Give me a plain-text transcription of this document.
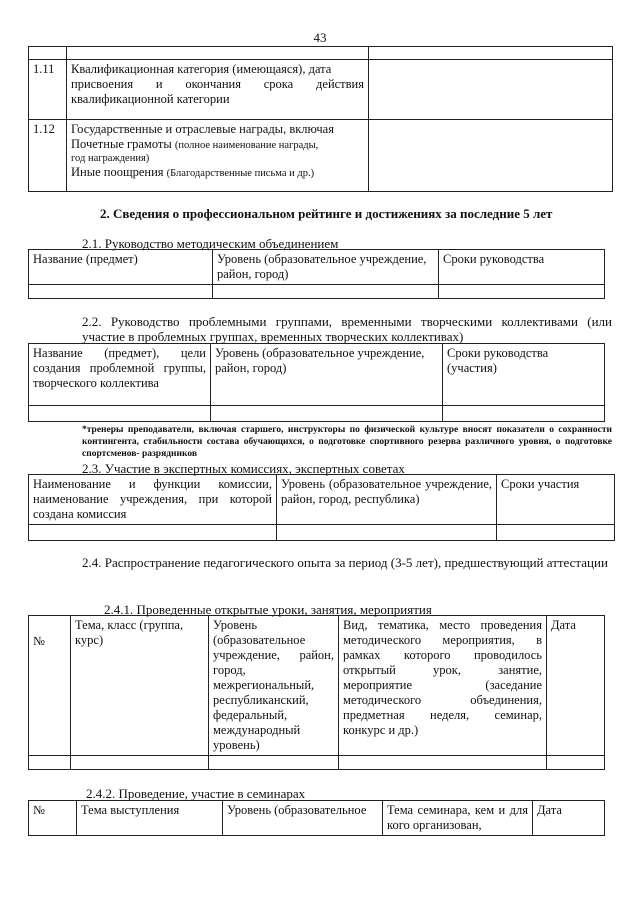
43

1.11	Квалификационная категория (имеющаяся), дата
присвоения и окончания срока действия
квалификационной категории	

1.12	Государственные и отраслевые награды, включая
Почетные грамоты (полное наименование награды,
год награждения)
Иные поощрения (Благодарственные письма и др.)	

2. Сведения о профессиональном рейтинге и достижениях за последние 5 лет
2.1. Руководство методическим объединением
Название (предмет)	Уровень (образовательное учреждение, район, город)	Сроки руководства

2.2. Руководство проблемными группами, временными творческими коллективами (или участие в проблемных группах, временных творческих коллективах)
Название (предмет), цели создания проблемной группы, творческого коллектива	Уровень (образовательное учреждение, район, город)	Сроки руководства (участия)

*тренеры преподаватели, включая старшего, инструкторы по физической культуре вносят показатели о сохранности контингента, стабильности состава обучающихся, о подготовке спортивного резерва различного уровня, о подготовке спортсменов- разрядников
2.3. Участие в экспертных комиссиях, экспертных советах
Наименование и функции комиссии, наименование учреждения, при которой создана комиссия	Уровень (образовательное учреждение, район, город, республика)	Сроки участия

2.4. Распространение педагогического опыта за период (3-5 лет), предшествующий аттестации
2.4.1. Проведенные открытые уроки, занятия, мероприятия
№	Тема, класс (группа, курс)	Уровень (образовательное учреждение, район, город, межрегиональный, республиканский, федеральный, международный уровень)	Вид, тематика, место проведения методического мероприятия, в рамках которого проводилось открытый урок, занятие, мероприятие (заседание методического объединения, предметная неделя, семинар, конкурс и др.)	Дата

2.4.2. Проведение, участие в семинарах
№	Тема выступления	Уровень (образовательное	Тема семинара, кем и для кого организован,	Дата
